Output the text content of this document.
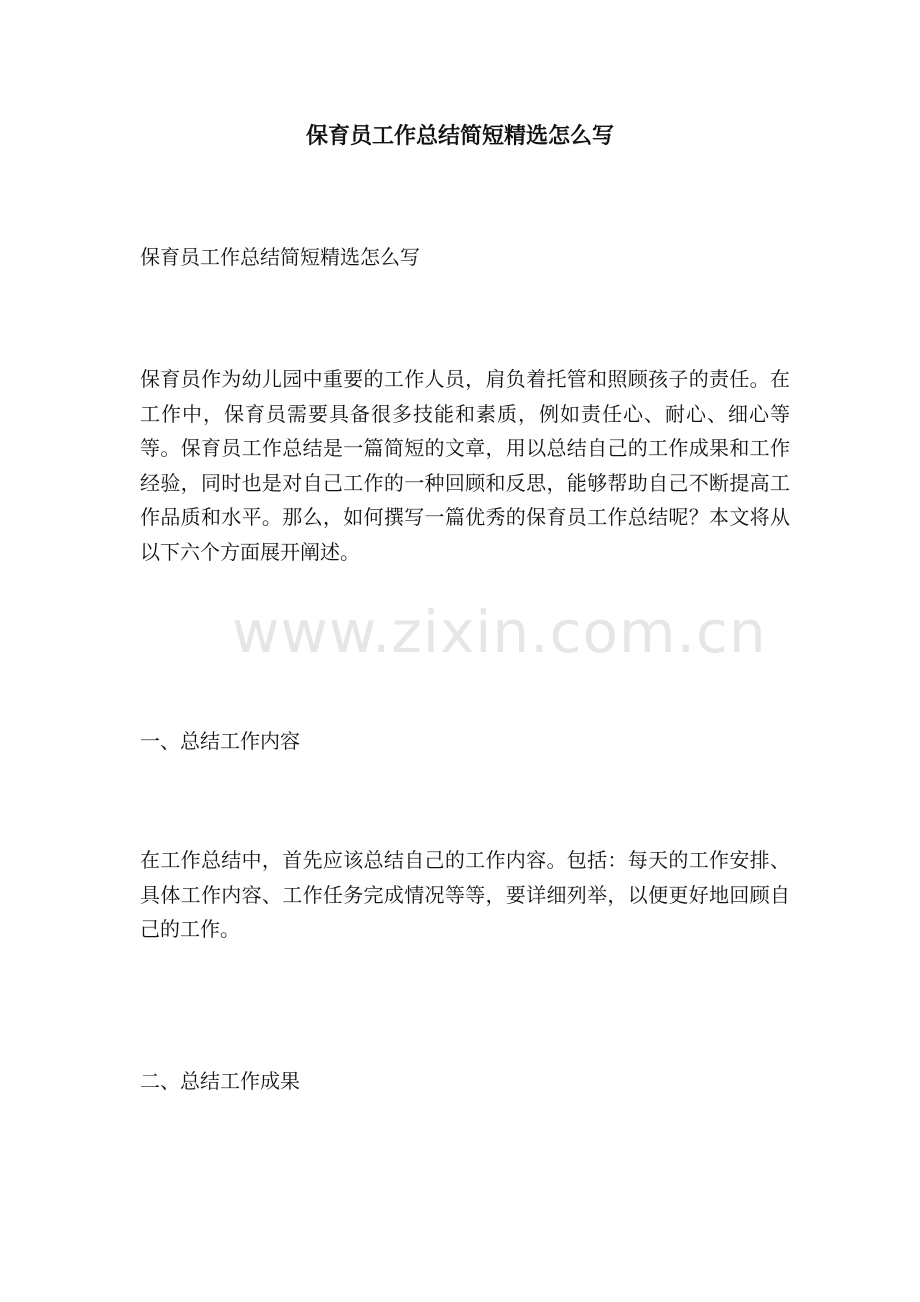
保育员工作总结简短精选怎么写

保育员工作总结简短精选怎么写

保育员作为幼儿园中重要的工作人员，肩负着托管和照顾孩子的责任。在工作中，保育员需要具备很多技能和素质，例如责任心、耐心、细心等等。保育员工作总结是一篇简短的文章，用以总结自己的工作成果和工作经验，同时也是对自己工作的一种回顾和反思，能够帮助自己不断提高工作品质和水平。那么，如何撰写一篇优秀的保育员工作总结呢？本文将从以下六个方面展开阐述。

一、总结工作内容

在工作总结中，首先应该总结自己的工作内容。包括：每天的工作安排、具体工作内容、工作任务完成情况等等，要详细列举，以便更好地回顾自己的工作。

二、总结工作成果

www.zixin.com.cn
